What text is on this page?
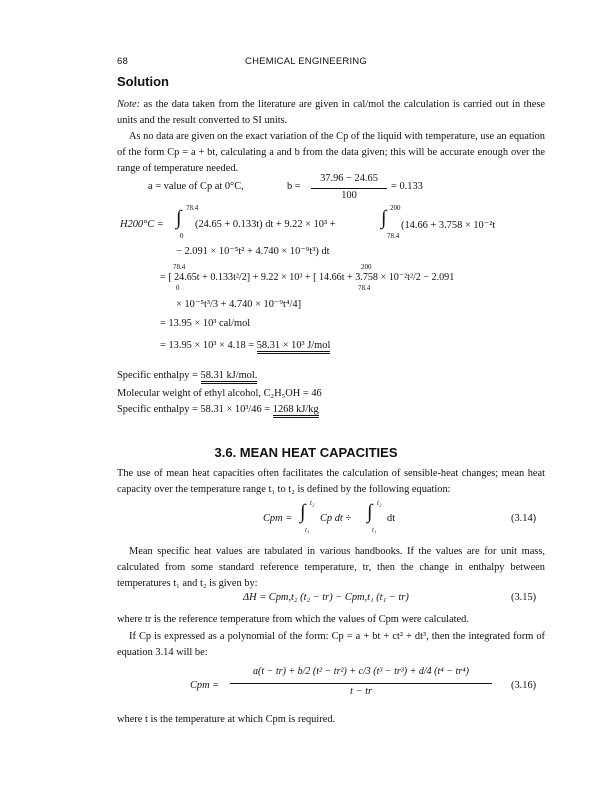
68	CHEMICAL ENGINEERING
Solution
Note: as the data taken from the literature are given in cal/mol the calculation is carried out in these units and the result converted to SI units.
As no data are given on the exact variation of the Cp of the liquid with temperature, use an equation of the form Cp = a + bt, calculating a and b from the data given; this will be accurate enough over the range of temperature needed.
a = value of Cp at 0°C,	b =
37.96 − 24.65
100
= 0.133
H200°C = ∫ 78.4
0
(24.65 + 0.133t) dt + 9.22 × 10³ + ∫ 200
78.4
(14.66 + 3.758 × 10⁻²t
− 2.091 × 10⁻⁵t² + 4.740 × 10⁻⁹t³) dt
78.4
0
200
78.4
= [ 24.65t + 0.133t²/2] + 9.22 × 10³ + [ 14.66t + 3.758 × 10⁻²t²/2 − 2.091
× 10⁻⁵t³/3 + 4.740 × 10⁻⁹t⁴/4]
= 13.95 × 10³ cal/mol
= 13.95 × 10³ × 4.18 = 58.31 × 10³ J/mol
Specific enthalpy = 58.31 kJ/mol.
Molecular weight of ethyl alcohol, C₂H₅OH = 46
Specific enthalpy = 58.31 × 10³/46 = 1268 kJ/kg
3.6. MEAN HEAT CAPACITIES
The use of mean heat capacities often facilitates the calculation of sensible-heat changes; mean heat capacity over the temperature range t₁ to t₂ is defined by the following equation:
Cpm = ∫ t₂
t₁
Cp dt ÷ ∫ t₂
t₁
dt	(3.14)
Mean specific heat values are tabulated in various handbooks. If the values are for unit mass, calculated from some standard reference temperature, tr, then the change in enthalpy between temperatures t₁ and t₂ is given by:
ΔH = Cpm,t₂ (t₂ − tr) − Cpm,t₁ (t₁ − tr)	(3.15)
where tr is the reference temperature from which the values of Cpm were calculated.
If Cp is expressed as a polynomial of the form: Cp = a + bt + ct² + dt³, then the integrated form of equation 3.14 will be:
Cpm =
a(t − tr) + b/2 (t² − tr²) + c/3 (t³ − tr³) + d/4 (t⁴ − tr⁴)
t − tr
(3.16)
where t is the temperature at which Cpm is required.
